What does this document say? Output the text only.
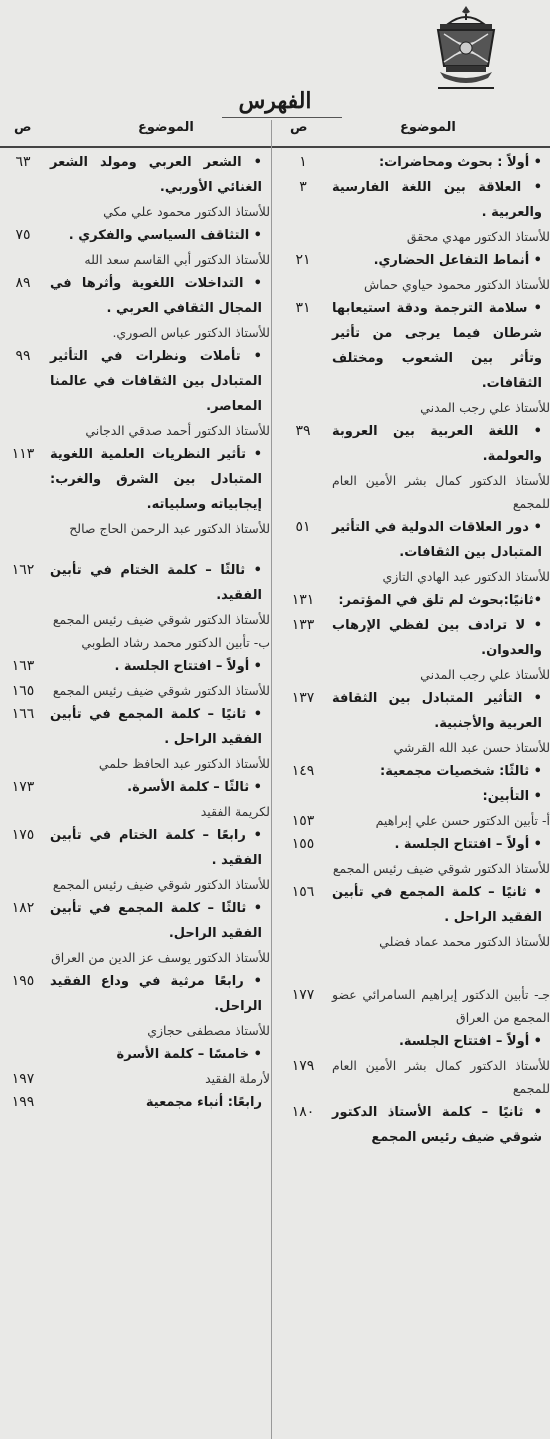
الفهرس
الموضوع
ص
الموضوع
ص
• أولاً : بحوث ومحاضرات:
١
• العلاقة بين اللغة الفارسية والعربية .
٣
للأستاذ الدكتور مهدي محقق
• أنماط التفاعل الحضاري.
٢١
للأستاذ الدكتور محمود حياوي حماش
• سلامة الترجمة ودقة استيعابها شرطان فيما يرجى من تأثير وتأثر بين الشعوب ومختلف الثقافات.
٣١
للأستاذ علي رجب المدني
• اللغة العربية بين العروبة والعولمة.
٣٩
للأستاذ الدكتور كمال بشر الأمين العام للمجمع
• دور العلاقات الدولية في التأثير المتبادل بين الثقافات.
٥١
للأستاذ الدكتور عبد الهادي التازي
•ثانيًا:بحوث لم تلق في المؤتمر:
١٣١
• لا ترادف بين لفظي الإرهاب والعدوان.
١٣٣
للأستاذ علي رجب المدني
• التأثير المتبادل بين الثقافة العربية والأجنبية.
١٣٧
للأستاذ حسن عبد الله القرشي
• ثالثًا: شخصيات مجمعية:
١٤٩
• التأبين:
أ- تأبين الدكتور حسن علي إبراهيم
١٥٣
• أولاً – افتتاح الجلسة .
١٥٥
للأستاذ الدكتور شوقي ضيف رئيس المجمع
• ثانيًا – كلمة المجمع في تأبين الفقيد الراحل .
١٥٦
للأستاذ الدكتور محمد عماد فضلي
جـ- تأبين الدكتور إبراهيم السامرائي عضو المجمع من العراق
١٧٧
• أولاً – افتتاح الجلسة.
للأستاذ الدكتور كمال بشر الأمين العام للمجمع
١٧٩
• ثانيًا – كلمة الأستاذ الدكتور شوقي ضيف رئيس المجمع
١٨٠
• الشعر العربي ومولد الشعر الغنائي الأوربي.
٦٣
للأستاذ الدكتور محمود علي مكي
• التثاقف السياسي والفكري .
٧٥
للأستاذ الدكتور أبي القاسم سعد الله
• التداخلات اللغوية وأثرها في المجال الثقافي العربي .
٨٩
للأستاذ الدكتور عباس الصوري.
• تأملات ونظرات في التأثير المتبادل بين الثقافات في عالمنا المعاصر.
٩٩
للأستاذ الدكتور أحمد صدقي الدجاني
• تأثير النظريات العلمية اللغوية المتبادل بين الشرق والغرب: إيجابياته وسلبياته.
١١٣
للأستاذ الدكتور عبد الرحمن الحاج صالح
• ثالثًا – كلمة الختام في تأبين الفقيد.
١٦٢
للأستاذ الدكتور شوقي ضيف رئيس المجمع
ب- تأبين الدكتور محمد رشاد الطوبي
• أولاً – افتتاح الجلسة .
١٦٣
للأستاذ الدكتور شوقي ضيف رئيس المجمع
١٦٥
• ثانيًا – كلمة المجمع في تأبين الفقيد الراحل .
١٦٦
للأستاذ الدكتور عبد الحافظ حلمي
• ثالثًا – كلمة الأسرة.
١٧٣
لكريمة الفقيد
• رابعًا – كلمة الختام في تأبين الفقيد .
١٧٥
للأستاذ الدكتور شوقي ضيف رئيس المجمع
• ثالثًا – كلمة المجمع في تأبين الفقيد الراحل.
١٨٢
للأستاذ الدكتور يوسف عز الدين من العراق
• رابعًا مرثية في وداع الفقيد الراحل.
١٩٥
للأستاذ مصطفى حجازي
• خامسًا – كلمة الأسرة
لأرملة الفقيد
١٩٧
رابعًا: أنباء مجمعية
١٩٩
